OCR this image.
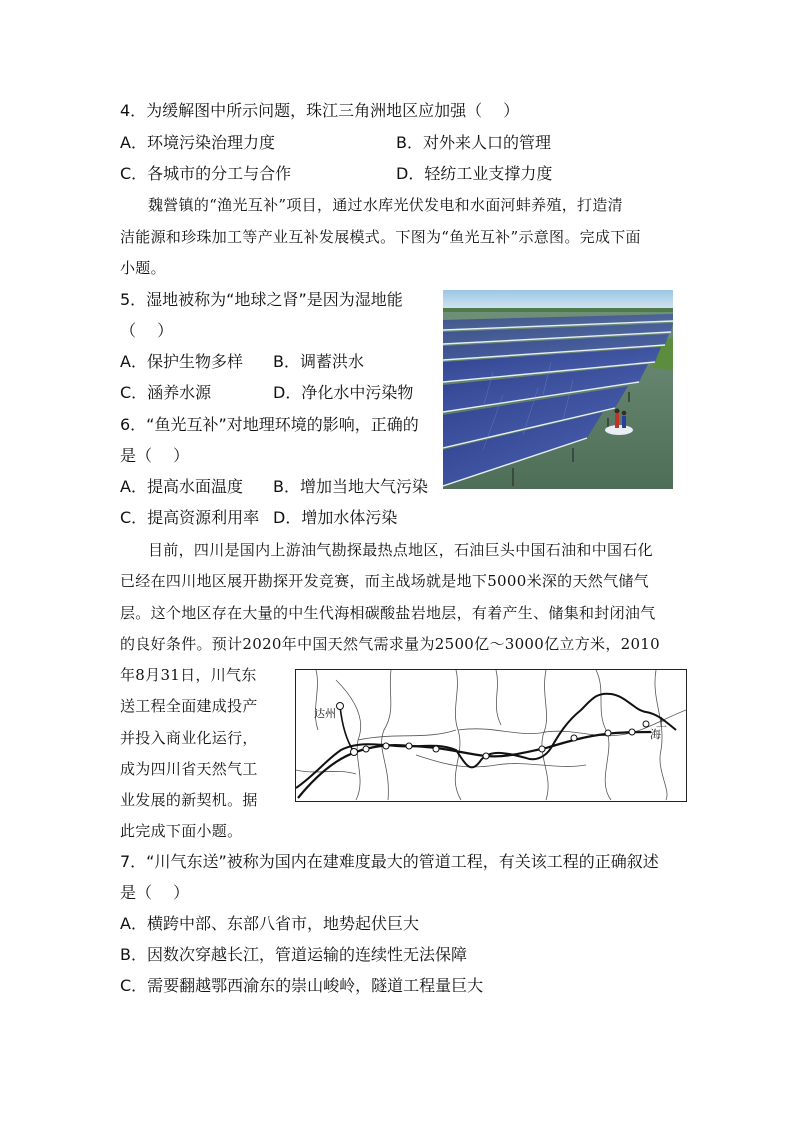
4．为缓解图中所示问题，珠江三角洲地区应加强（　 ）
A．环境污染治理力度	B．对外来人口的管理
C．各城市的分工与合作	D．轻纺工业支撑力度
魏營镇的“渔光互补”项目，通过水库光伏发电和水面河蚌养殖，打造清
洁能源和珍珠加工等产业互补发展模式。下图为“鱼光互补”示意图。完成下面
小题。
5．湿地被称为“地球之肾”是因为湿地能
（　 ）
A．保护生物多样 B．调蓄洪水
C．涵养水源	D．净化水中污染物
6．“鱼光互补”对地理环境的影响，正确的
是（　 ）
A．提高水面温度 B．增加当地大气污染
C．提高资源利用率 D．增加水体污染
目前，四川是国内上游油气勘探最热点地区，石油巨头中国石油和中国石化
已经在四川地区展开勘探开发竞赛，而主战场就是地下5000米深的天然气储气
层。这个地区存在大量的中生代海相碳酸盐岩地层，有着产生、储集和封闭油气
的良好条件。预计2020年中国天然气需求量为2500亿～3000亿立方米，2010
年8月31日，川气东
送工程全面建成投产
并投入商业化运行，
成为四川省天然气工
业发展的新契机。据
此完成下面小题。
达州
上
海
7．“川气东送”被称为国内在建难度最大的管道工程，有关该工程的正确叙述
是（　 ）
A．横跨中部、东部八省市，地势起伏巨大
B．因数次穿越长江，管道运输的连续性无法保障
C．需要翻越鄂西渝东的崇山峻岭，隧道工程量巨大
